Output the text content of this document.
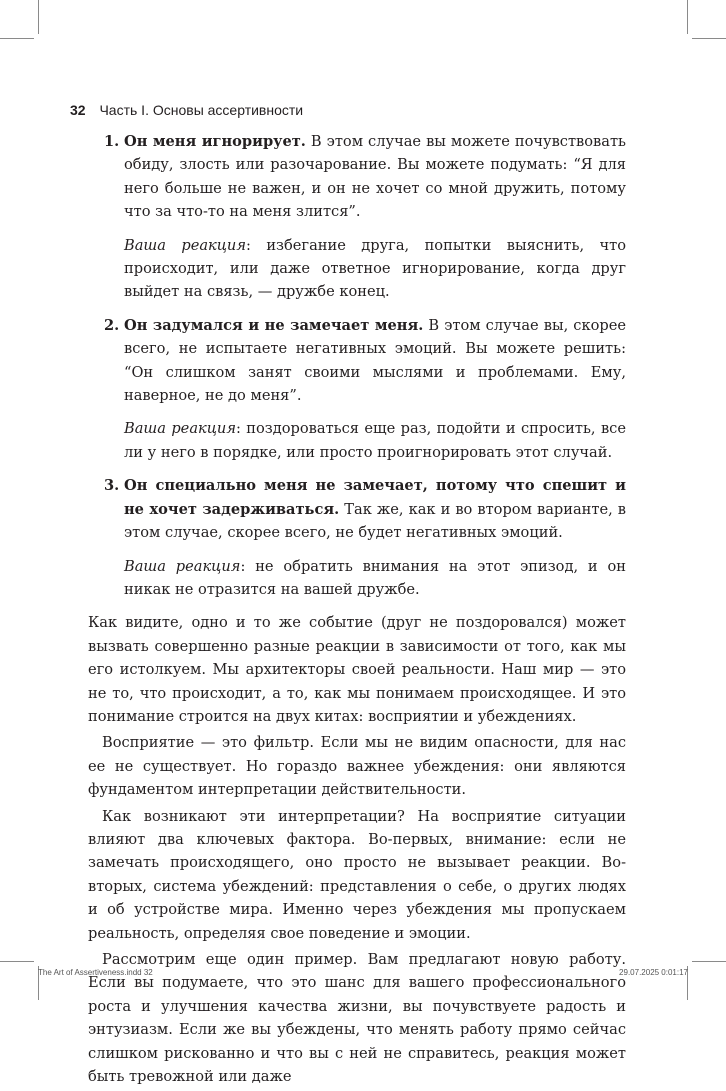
32 Часть I. Основы ассертивности
1. Он меня игнорирует. В этом случае вы можете почувствовать обиду, злость или разочарование. Вы можете подумать: “Я для него больше не важен, и он не хочет со мной дружить, потому что за что-то на меня злится”.

Ваша реакция: избегание друга, попытки выяснить, что происходит, или даже ответное игнорирование, когда друг выйдет на связь, — дружбе конец.

2. Он задумался и не замечает меня. В этом случае вы, скорее всего, не испытаете негативных эмоций. Вы можете решить: “Он слишком занят своими мыслями и проблемами. Ему, наверное, не до меня”.

Ваша реакция: поздороваться еще раз, подойти и спросить, все ли у него в порядке, или просто проигнорировать этот случай.

3. Он специально меня не замечает, потому что спешит и не хочет задерживаться. Так же, как и во втором варианте, в этом случае, скорее всего, не будет негативных эмоций.

Ваша реакция: не обратить внимания на этот эпизод, и он никак не отразится на вашей дружбе.

Как видите, одно и то же событие (друг не поздоровался) может вызвать совершенно разные реакции в зависимости от того, как мы его истолкуем. Мы архитекторы своей реальности. Наш мир — это не то, что происходит, а то, как мы понимаем происходящее. И это понимание строится на двух китах: восприятии и убеждениях.

Восприятие — это фильтр. Если мы не видим опасности, для нас ее не существует. Но гораздо важнее убеждения: они являются фундаментом интерпретации действительности.

Как возникают эти интерпретации? На восприятие ситуации влияют два ключевых фактора. Во-первых, внимание: если не замечать происходящего, оно просто не вызывает реакции. Во-вторых, система убеждений: представления о себе, о других людях и об устройстве мира. Именно через убеждения мы пропускаем реальность, определяя свое поведение и эмоции.

Рассмотрим еще один пример. Вам предлагают новую работу. Если вы подумаете, что это шанс для вашего профессионального роста и улучшения качества жизни, вы почувствуете радость и энтузиазм. Если же вы убеждены, что менять работу прямо сейчас слишком рискованно и что вы с ней не справитесь, реакция может быть тревожной или даже

The Art of Assertiveness.indd 32	29.07.2025 0:01:17
